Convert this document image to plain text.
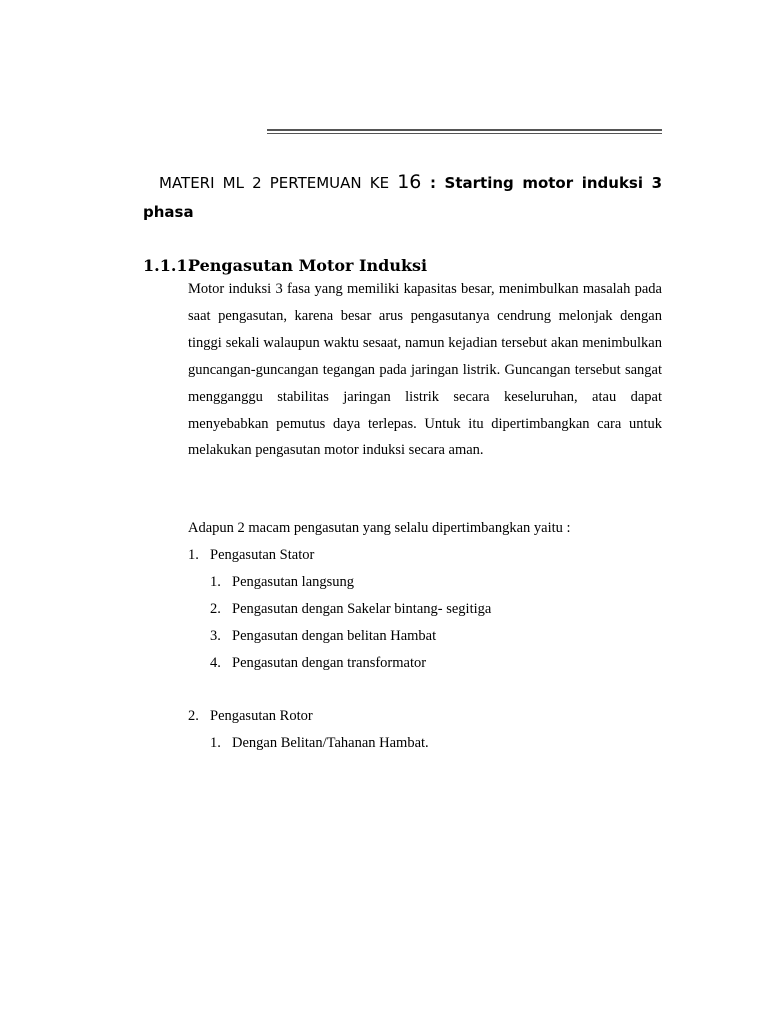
MATERI ML 2 PERTEMUAN KE 16 : Starting motor induksi 3
phasa
1.1.1.Pengasutan Motor Induksi
Motor induksi 3 fasa yang memiliki kapasitas besar, menimbulkan masalah pada saat pengasutan, karena besar arus pengasutanya cendrung melonjak dengan tinggi sekali walaupun waktu sesaat, namun kejadian tersebut akan menimbulkan guncangan-guncangan tegangan pada jaringan listrik. Guncangan tersebut sangat mengganggu stabilitas jaringan listrik secara keseluruhan, atau dapat menyebabkan pemutus daya terlepas. Untuk itu dipertimbangkan cara untuk melakukan pengasutan motor induksi secara aman.
Adapun 2 macam pengasutan yang selalu dipertimbangkan yaitu :
1. Pengasutan Stator
1. Pengasutan langsung
2. Pengasutan dengan Sakelar bintang- segitiga
3. Pengasutan dengan belitan Hambat
4. Pengasutan dengan transformator
2. Pengasutan Rotor
1. Dengan Belitan/Tahanan Hambat.
